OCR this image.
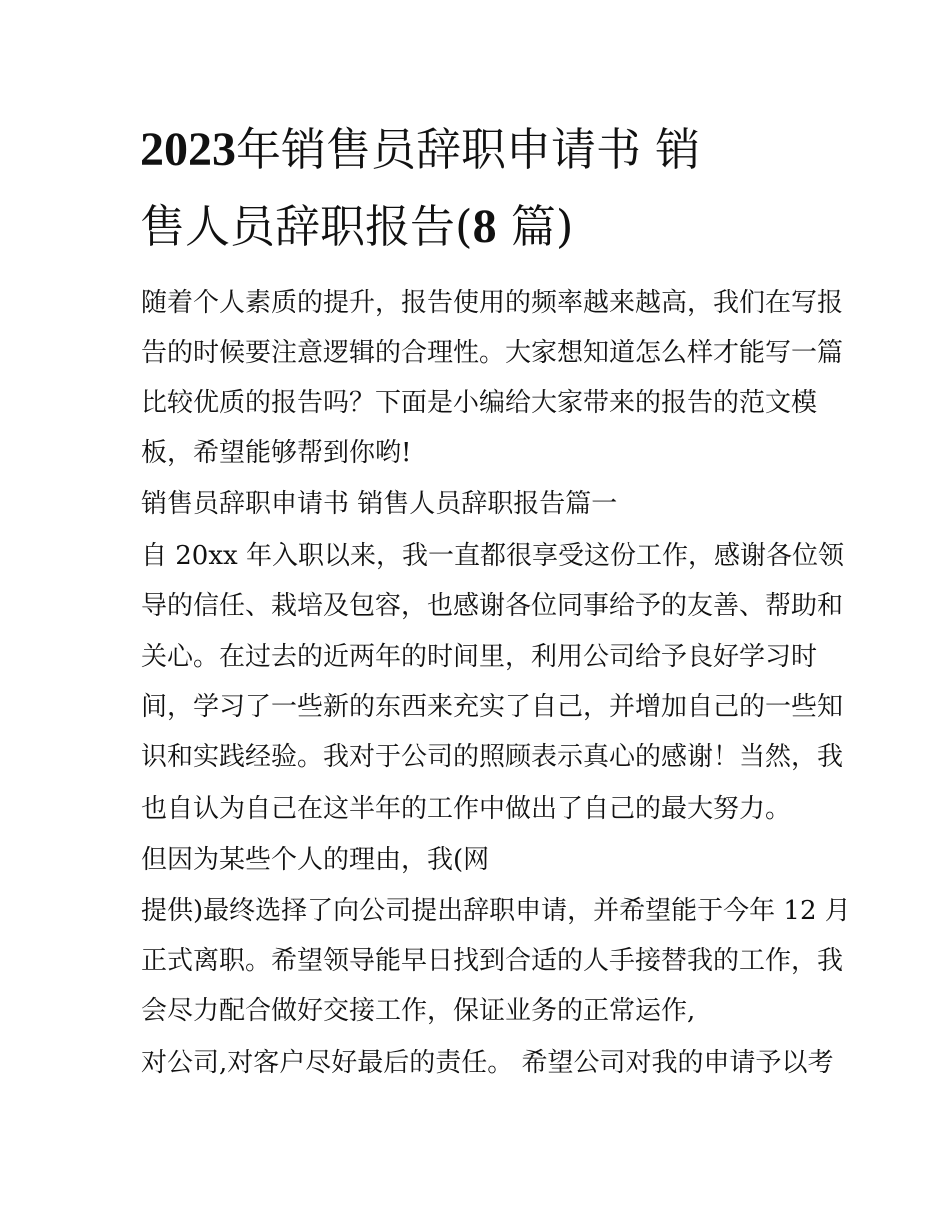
2023年销售员辞职申请书 销
售人员辞职报告(8 篇)
随着个人素质的提升，报告使用的频率越来越高，我们在写报
告的时候要注意逻辑的合理性。大家想知道怎么样才能写一篇
比较优质的报告吗？下面是小编给大家带来的报告的范文模
板，希望能够帮到你哟!
销售员辞职申请书 销售人员辞职报告篇一
自 20xx 年入职以来，我一直都很享受这份工作，感谢各位领
导的信任、栽培及包容，也感谢各位同事给予的友善、帮助和
关心。在过去的近两年的时间里，利用公司给予良好学习时
间，学习了一些新的东西来充实了自己，并增加自己的一些知
识和实践经验。我对于公司的照顾表示真心的感谢！当然，我
也自认为自己在这半年的工作中做出了自己的最大努力。
但因为某些个人的理由，我(网
提供)最终选择了向公司提出辞职申请，并希望能于今年 12 月
正式离职。希望领导能早日找到合适的人手接替我的工作，我
会尽力配合做好交接工作，保证业务的正常运作,
对公司,对客户尽好最后的责任。 希望公司对我的申请予以考
